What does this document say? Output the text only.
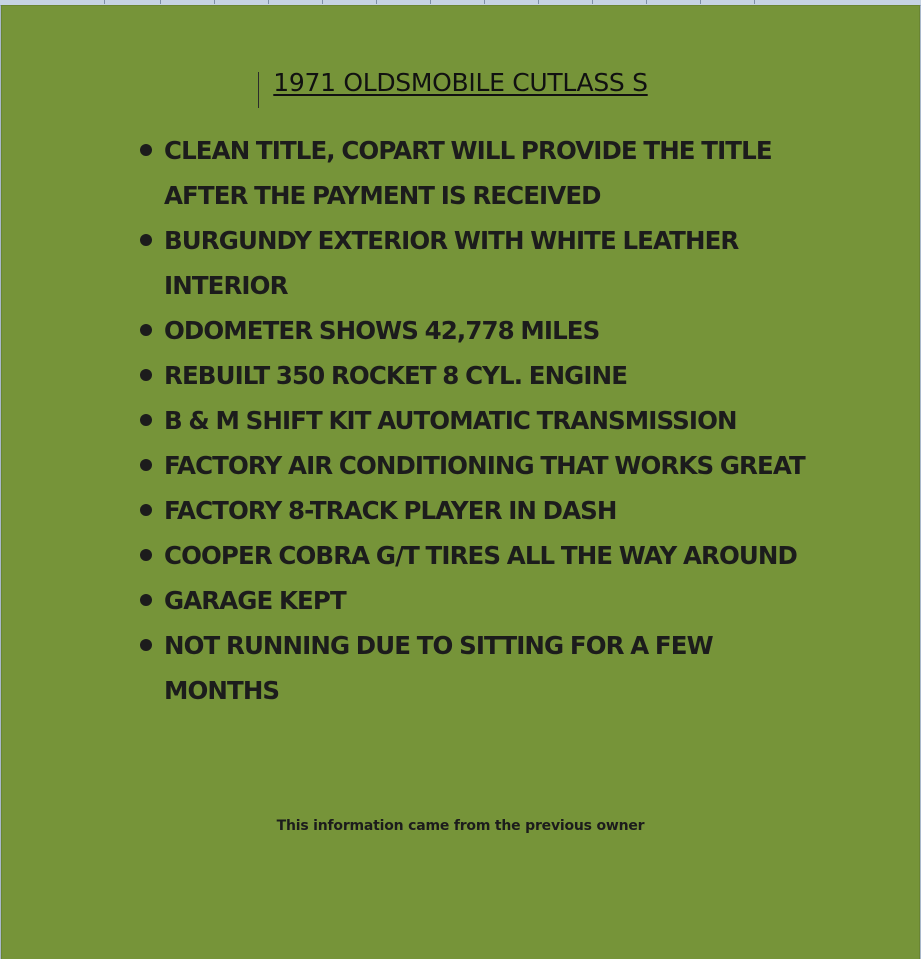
1971 OLDSMOBILE CUTLASS S
CLEAN TITLE, COPART WILL PROVIDE THE TITLE AFTER THE PAYMENT IS RECEIVED
BURGUNDY EXTERIOR WITH WHITE LEATHER INTERIOR
ODOMETER SHOWS 42,778 MILES
REBUILT 350 ROCKET 8 CYL. ENGINE
B & M SHIFT KIT AUTOMATIC TRANSMISSION
FACTORY AIR CONDITIONING THAT WORKS GREAT
FACTORY 8-TRACK PLAYER IN DASH
COOPER COBRA G/T TIRES ALL THE WAY AROUND
GARAGE KEPT
NOT RUNNING DUE TO SITTING FOR A FEW MONTHS
This information came from the previous owner
